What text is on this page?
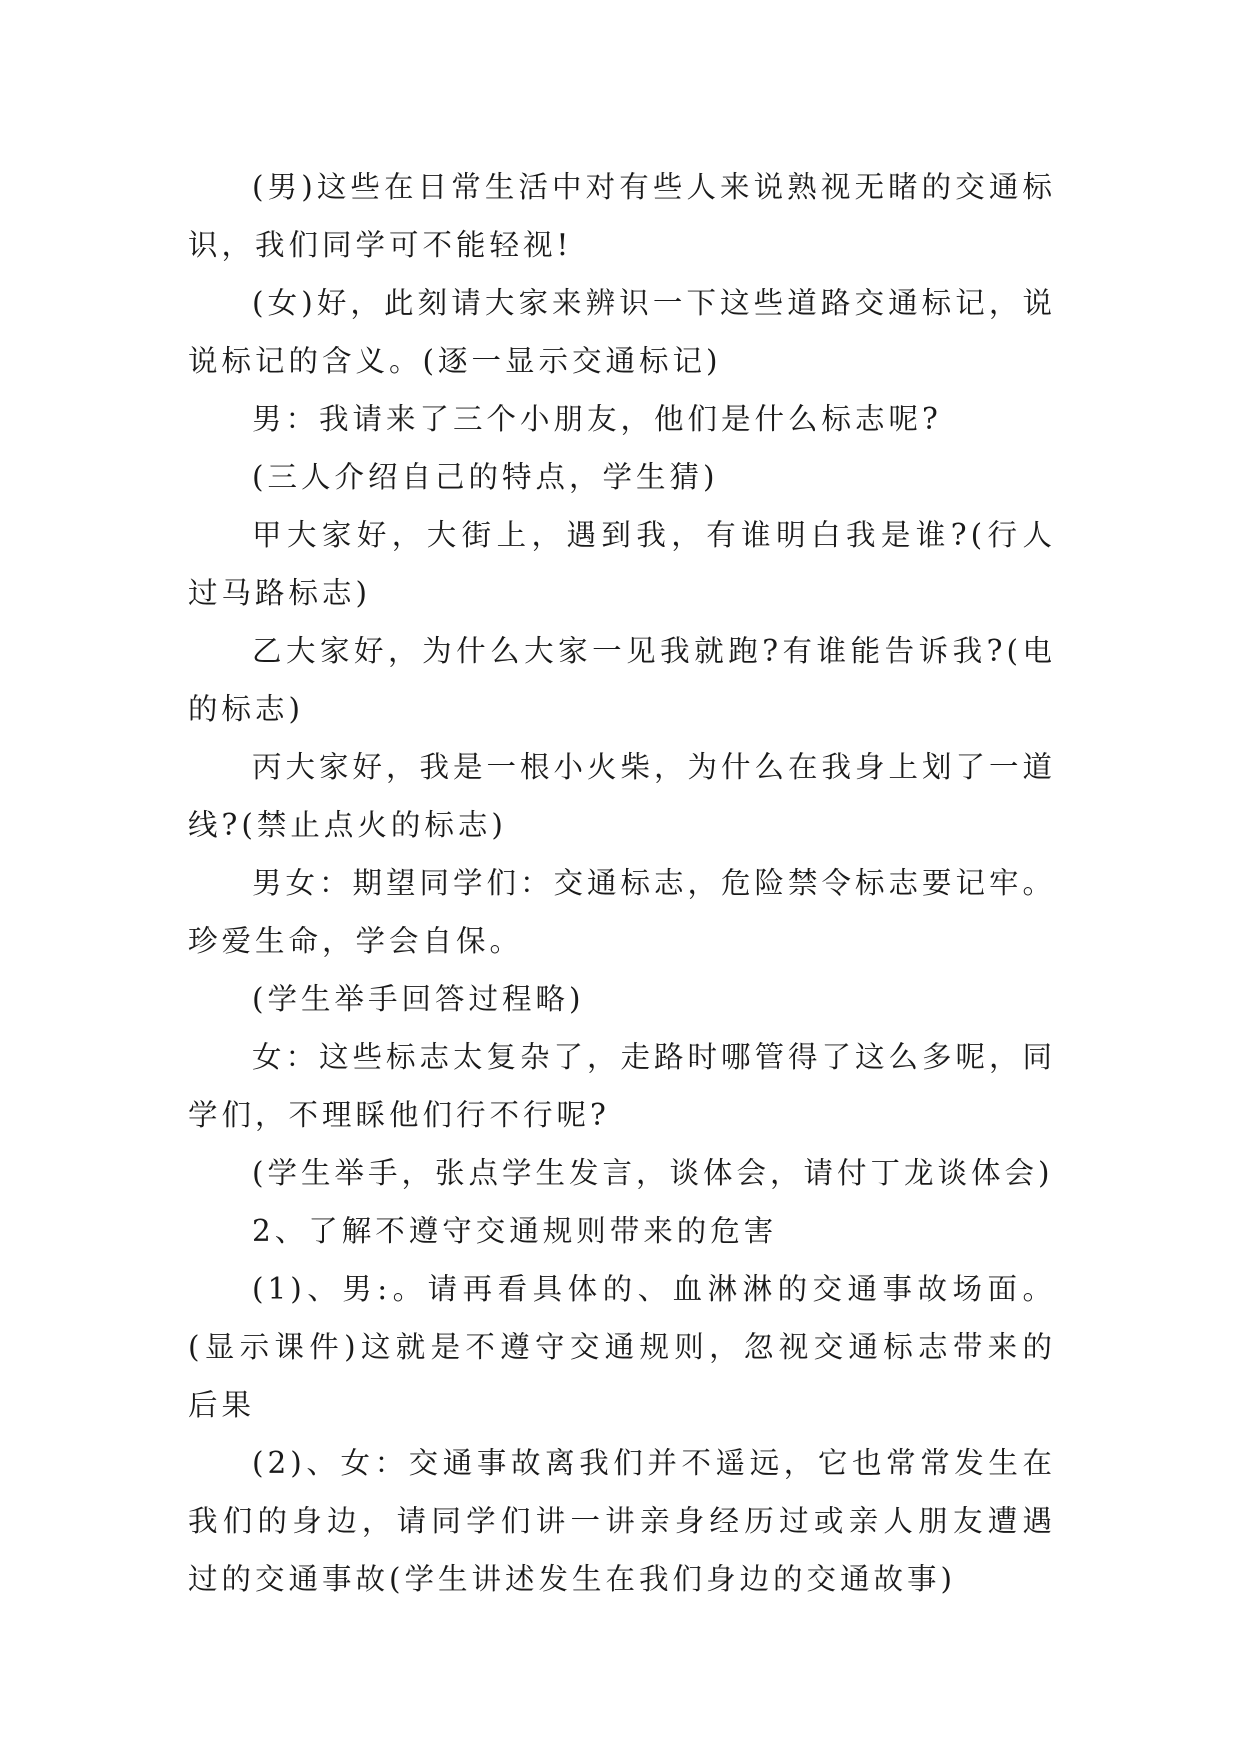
(男)这些在日常生活中对有些人来说熟视无睹的交通标识，我们同学可不能轻视!

(女)好，此刻请大家来辨识一下这些道路交通标记，说说标记的含义。(逐一显示交通标记)

男：我请来了三个小朋友，他们是什么标志呢?

(三人介绍自己的特点，学生猜)

甲大家好，大街上，遇到我，有谁明白我是谁?(行人过马路标志)

乙大家好，为什么大家一见我就跑?有谁能告诉我?(电的标志)

丙大家好，我是一根小火柴，为什么在我身上划了一道线?(禁止点火的标志)

男女：期望同学们：交通标志，危险禁令标志要记牢。珍爱生命，学会自保。

(学生举手回答过程略)

女：这些标志太复杂了，走路时哪管得了这么多呢，同学们，不理睬他们行不行呢?

(学生举手，张点学生发言，谈体会，请付丁龙谈体会)

2、了解不遵守交通规则带来的危害

(1)、男:。请再看具体的、血淋淋的交通事故场面。(显示课件)这就是不遵守交通规则，忽视交通标志带来的后果

(2)、女：交通事故离我们并不遥远，它也常常发生在我们的身边，请同学们讲一讲亲身经历过或亲人朋友遭遇过的交通事故(学生讲述发生在我们身边的交通故事)
